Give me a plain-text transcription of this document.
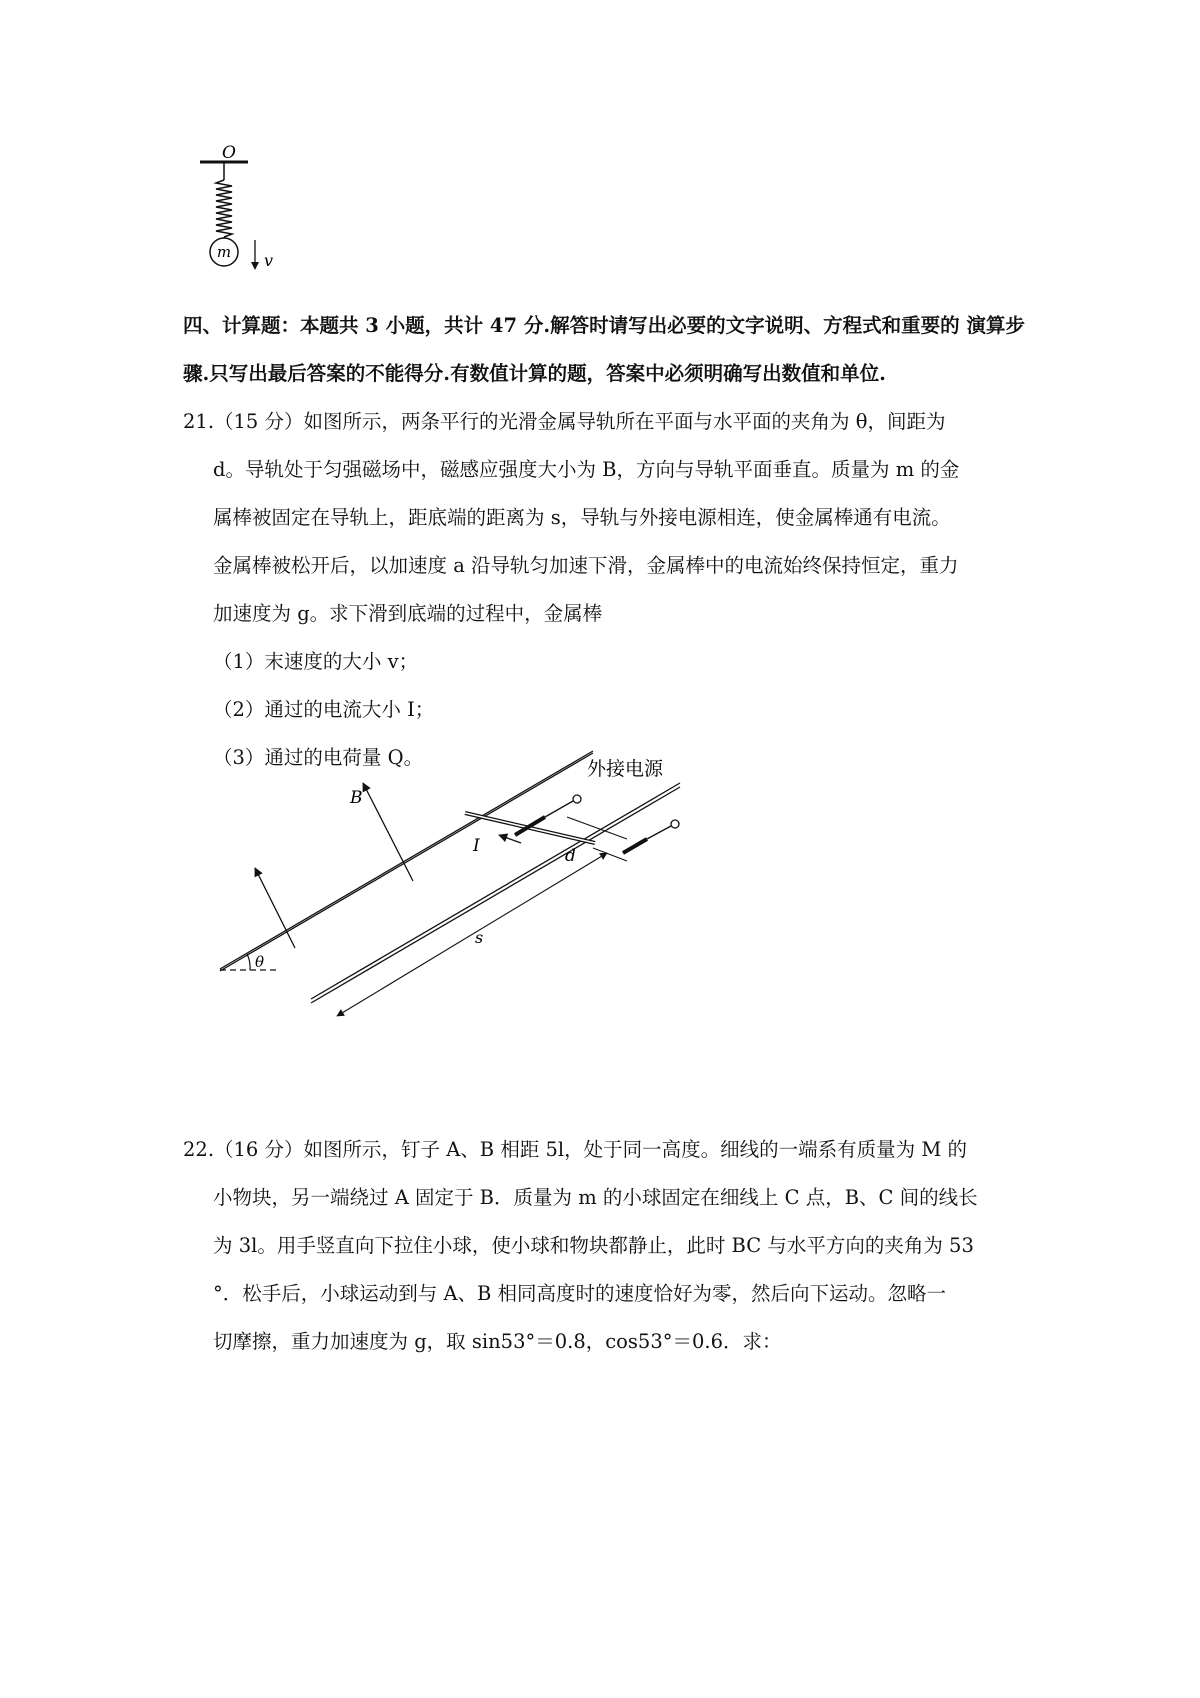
O
m v

四、计算题：本题共 3 小题，共计 47 分.解答时请写出必要的文字说明、方程式和重要的 演算步骤.只写出最后答案的不能得分.有数值计算的题，答案中必须明确写出数值和单位.

21.（15 分）如图所示，两条平行的光滑金属导轨所在平面与水平面的夹角为 θ，间距为
d。导轨处于匀强磁场中，磁感应强度大小为 B，方向与导轨平面垂直。质量为 m 的金
属棒被固定在导轨上，距底端的距离为 s，导轨与外接电源相连，使金属棒通有电流。
金属棒被松开后，以加速度 a 沿导轨匀加速下滑，金属棒中的电流始终保持恒定，重力
加速度为 g。求下滑到底端的过程中，金属棒

（1）末速度的大小 v；

（2）通过的电流大小 I；

（3）通过的电荷量 Q。

θ
B
I
s

22.（16 分）如图所示，钉子 A、B 相距 5l，处于同一高度。细线的一端系有质量为 M 的
小物块，另一端绕过 A 固定于 B．质量为 m 的小球固定在细线上 C 点，B、C 间的线长
为 3l。用手竖直向下拉住小球，使小球和物块都静止，此时 BC 与水平方向的夹角为 53
°．松手后，小球运动到与 A、B 相同高度时的速度恰好为零，然后向下运动。忽略一
切摩擦，重力加速度为 g，取 sin53°＝0.8，cos53°＝0.6．求：

外接电源
d
